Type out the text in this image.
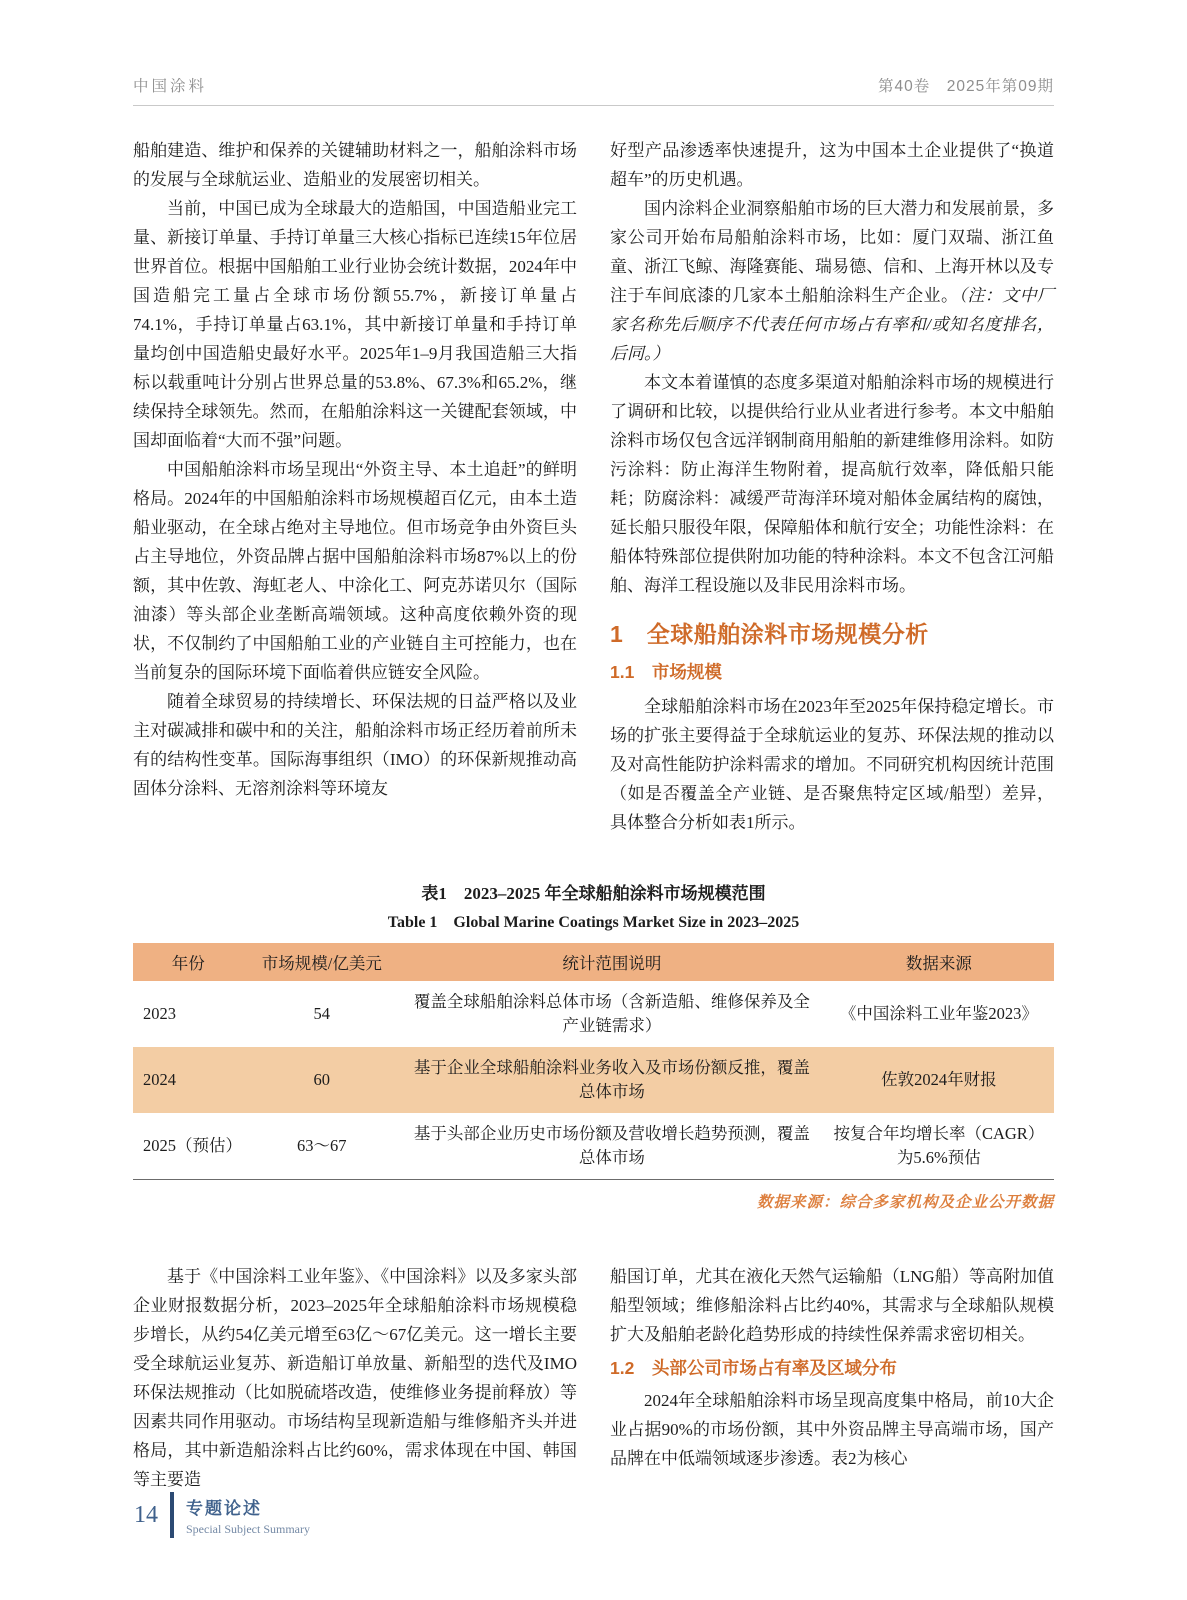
中国涂料	第40卷　2025年第09期

船舶建造、维护和保养的关键辅助材料之一，船舶涂料市场的发展与全球航运业、造船业的发展密切相关。

当前，中国已成为全球最大的造船国，中国造船业完工量、新接订单量、手持订单量三大核心指标已连续15年位居世界首位。根据中国船舶工业行业协会统计数据，2024年中国造船完工量占全球市场份额55.7%，新接订单量占74.1%，手持订单量占63.1%，其中新接订单量和手持订单量均创中国造船史最好水平。2025年1–9月我国造船三大指标以载重吨计分别占世界总量的53.8%、67.3%和65.2%，继续保持全球领先。然而，在船舶涂料这一关键配套领域，中国却面临着“大而不强”问题。

中国船舶涂料市场呈现出“外资主导、本土追赶”的鲜明格局。2024年的中国船舶涂料市场规模超百亿元，由本土造船业驱动，在全球占绝对主导地位。但市场竞争由外资巨头占主导地位，外资品牌占据中国船舶涂料市场87%以上的份额，其中佐敦、海虹老人、中涂化工、阿克苏诺贝尔（国际油漆）等头部企业垄断高端领域。这种高度依赖外资的现状，不仅制约了中国船舶工业的产业链自主可控能力，也在当前复杂的国际环境下面临着供应链安全风险。

随着全球贸易的持续增长、环保法规的日益严格以及业主对碳减排和碳中和的关注，船舶涂料市场正经历着前所未有的结构性变革。国际海事组织（IMO）的环保新规推动高固体分涂料、无溶剂涂料等环境友

好型产品渗透率快速提升，这为中国本土企业提供了“换道超车”的历史机遇。

国内涂料企业洞察船舶市场的巨大潜力和发展前景，多家公司开始布局船舶涂料市场，比如：厦门双瑞、浙江鱼童、浙江飞鲸、海隆赛能、瑞易德、信和、上海开林以及专注于车间底漆的几家本土船舶涂料生产企业。（注：文中厂家名称先后顺序不代表任何市场占有率和/或知名度排名，后同。）

本文本着谨慎的态度多渠道对船舶涂料市场的规模进行了调研和比较，以提供给行业从业者进行参考。本文中船舶涂料市场仅包含远洋钢制商用船舶的新建维修用涂料。如防污涂料：防止海洋生物附着，提高航行效率，降低船只能耗；防腐涂料：减缓严苛海洋环境对船体金属结构的腐蚀，延长船只服役年限，保障船体和航行安全；功能性涂料：在船体特殊部位提供附加功能的特种涂料。本文不包含江河船舶、海洋工程设施以及非民用涂料市场。

1　全球船舶涂料市场规模分析
1.1　市场规模

全球船舶涂料市场在2023年至2025年保持稳定增长。市场的扩张主要得益于全球航运业的复苏、环保法规的推动以及对高性能防护涂料需求的增加。不同研究机构因统计范围（如是否覆盖全产业链、是否聚焦特定区域/船型）差异，具体整合分析如表1所示。

表1　2023–2025 年全球船舶涂料市场规模范围
Table 1　Global Marine Coatings Market Size in 2023–2025
年份	市场规模/亿美元	统计范围说明	数据来源
2023	54	覆盖全球船舶涂料总体市场（含新造船、维修保养及全产业链需求）	《中国涂料工业年鉴2023》
2024	60	基于企业全球船舶涂料业务收入及市场份额反推，覆盖总体市场	佐敦2024年财报
2025（预估）	63～67	基于头部企业历史市场份额及营收增长趋势预测，覆盖总体市场	按复合年均增长率（CAGR）为5.6%预估
数据来源：综合多家机构及企业公开数据

基于《中国涂料工业年鉴》、《中国涂料》以及多家头部企业财报数据分析，2023–2025年全球船舶涂料市场规模稳步增长，从约54亿美元增至63亿～67亿美元。这一增长主要受全球航运业复苏、新造船订单放量、新船型的迭代及IMO环保法规推动（比如脱硫塔改造，使维修业务提前释放）等因素共同作用驱动。市场结构呈现新造船与维修船齐头并进格局，其中新造船涂料占比约60%，需求体现在中国、韩国等主要造

船国订单，尤其在液化天然气运输船（LNG船）等高附加值船型领域；维修船涂料占比约40%，其需求与全球船队规模扩大及船舶老龄化趋势形成的持续性保养需求密切相关。

1.2　头部公司市场占有率及区域分布

2024年全球船舶涂料市场呈现高度集中格局，前10大企业占据90%的市场份额，其中外资品牌主导高端市场，国产品牌在中低端领域逐步渗透。表2为核心

14 专题论述
Special Subject Summary
